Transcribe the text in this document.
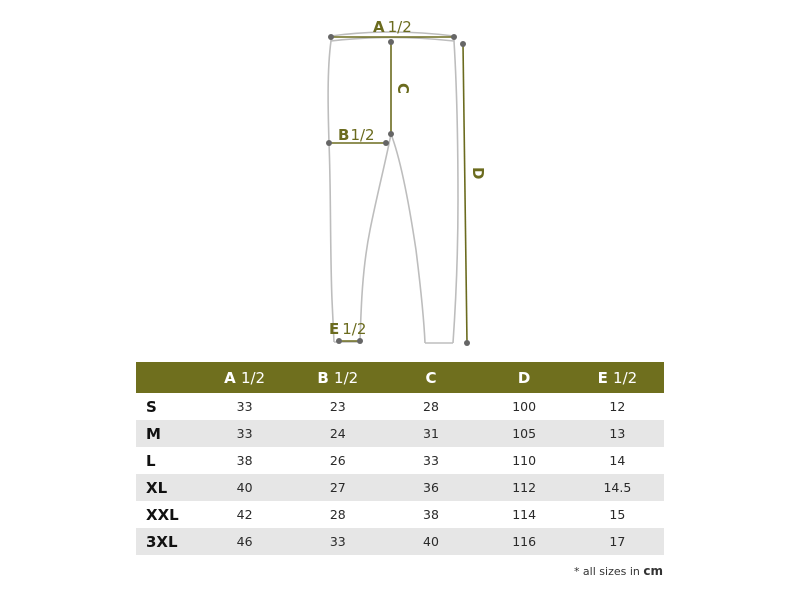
A 1/2
B1/2
C
D
E 1/2
	A 1/2	B 1/2	C	D	E 1/2
S	33	23	28	100	12
M	33	24	31	105	13
L	38	26	33	110	14
XL	40	27	36	112	14.5
XXL	42	28	38	114	15
3XL	46	33	40	116	17
* all sizes in cm
